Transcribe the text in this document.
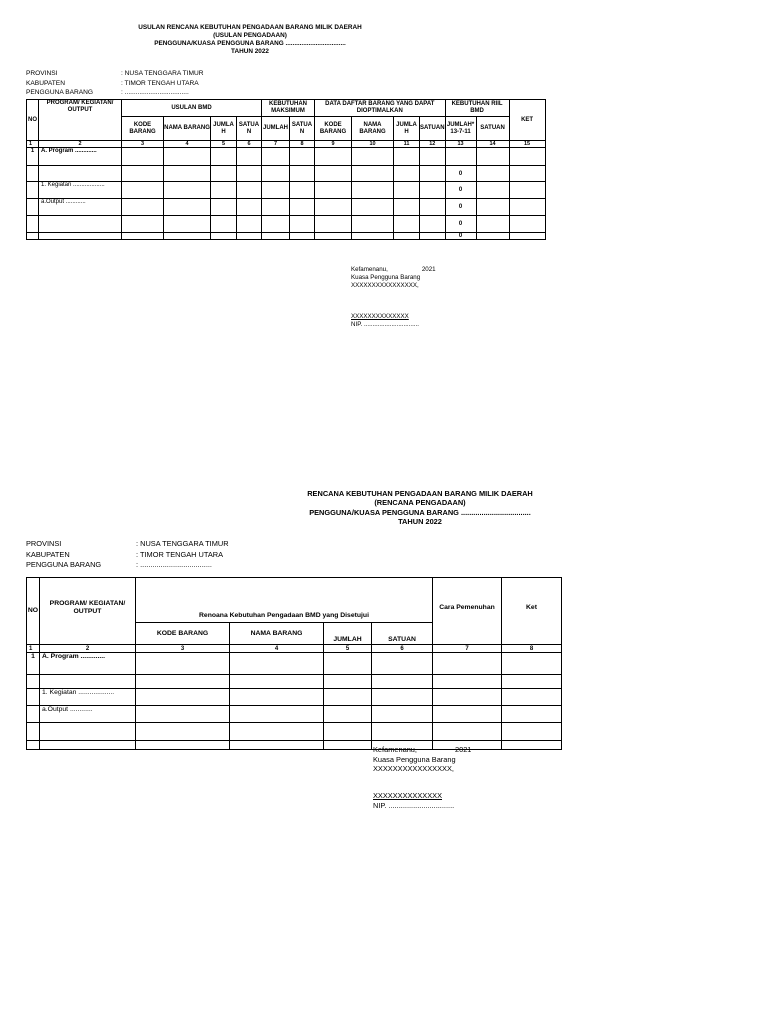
USULAN RENCANA KEBUTUHAN PENGADAAN BARANG MILIK DAERAH
(USULAN PENGADAAN)
PENGGUNA/KUASA PENGGUNA BARANG ..................................
TAHUN 2022
PROVINSI	: NUSA TENGGARA TIMUR
KABUPATEN	: TIMOR TENGAH UTARA
PENGGUNA BARANG	: ...................................
NO	PROGRAM/ KEGIATAN/ OUTPUT	USULAN BMD				KEBUTUHAN MAKSIMUM		DATA DAFTAR BARANG YANG DAPAT DIOPTIMALKAN				KEBUTUHAN RIIL BMD		KET
		KODE BARANG	NAMA BARANG	JUMLA H	SATUA N	JUMLAH	SATUA N	KODE BARANG	NAMA BARANG	JUMLA H	SATUAN	JUMLAH* 13-7-11	SATUAN	
1	2	3	4	5	6	7	8	9	10	11	12	13	14	15
1	A. Program .............													
												0		
	1. Kegiatan ...................											0		
	a.Output ............											0		
												0		
												0		
Kefamenanu,	2021
Kuasa Pengguna Barang
XXXXXXXXXXXXXXXX,
XXXXXXXXXXXXXX
NIP. ................................
RENCANA KEBUTUHAN PENGADAAN BARANG MILIK DAERAH
(RENCANA PENGADAAN)
PENGGUNA/KUASA PENGGUNA BARANG ..................................
TAHUN 2022
PROVINSI	: NUSA TENGGARA TIMUR
KABUPATEN	: TIMOR TENGAH UTARA
PENGGUNA BARANG	: ...................................
NO	PROGRAM/ KEGIATAN/ OUTPUT	Renoana Kebutuhan Pengadaan BMD yang Disetujui				Cara Pemenuhan	Ket
		KODE BARANG	NAMA BARANG	JUMLAH	SATUAN		
1	2	3	4	5	6	7	8
1	A. Program .............						

	1. Kegiatan ...................						
	a.Output ............						

Kefamenanu,	2021
Kuasa Pengguna Barang
XXXXXXXXXXXXXXXX,
XXXXXXXXXXXXXX
NIP. ................................
